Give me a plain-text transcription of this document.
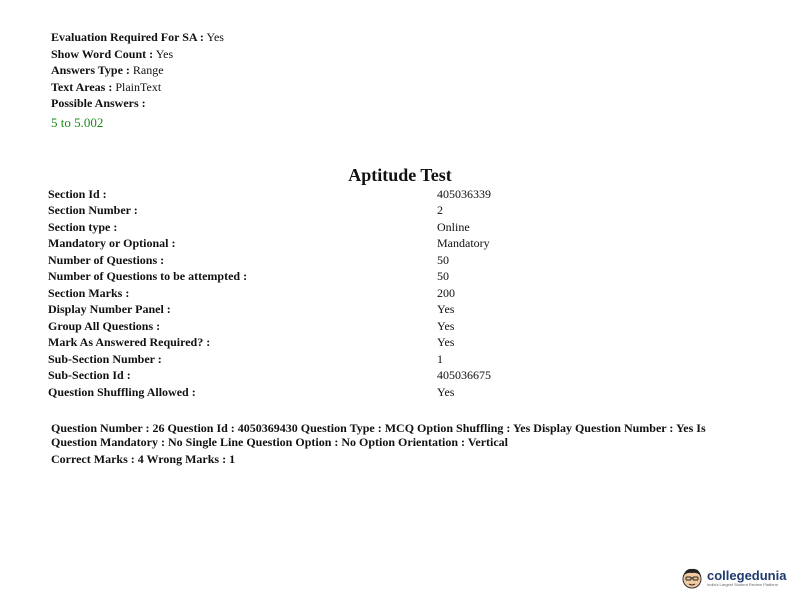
Evaluation Required For SA : Yes
Show Word Count : Yes
Answers Type : Range
Text Areas : PlainText
Possible Answers :
5 to 5.002
Aptitude Test
Section Id :	405036339
Section Number :	2
Section type :	Online
Mandatory or Optional :	Mandatory
Number of Questions :	50
Number of Questions to be attempted :	50
Section Marks :	200
Display Number Panel :	Yes
Group All Questions :	Yes
Mark As Answered Required? :	Yes
Sub-Section Number :	1
Sub-Section Id :	405036675
Question Shuffling Allowed :	Yes
Question Number : 26 Question Id : 4050369430 Question Type : MCQ Option Shuffling : Yes Display Question Number : Yes Is Question Mandatory : No Single Line Question Option : No Option Orientation : Vertical
Correct Marks : 4 Wrong Marks : 1
collegedunia
India's Largest Student Review Platform
